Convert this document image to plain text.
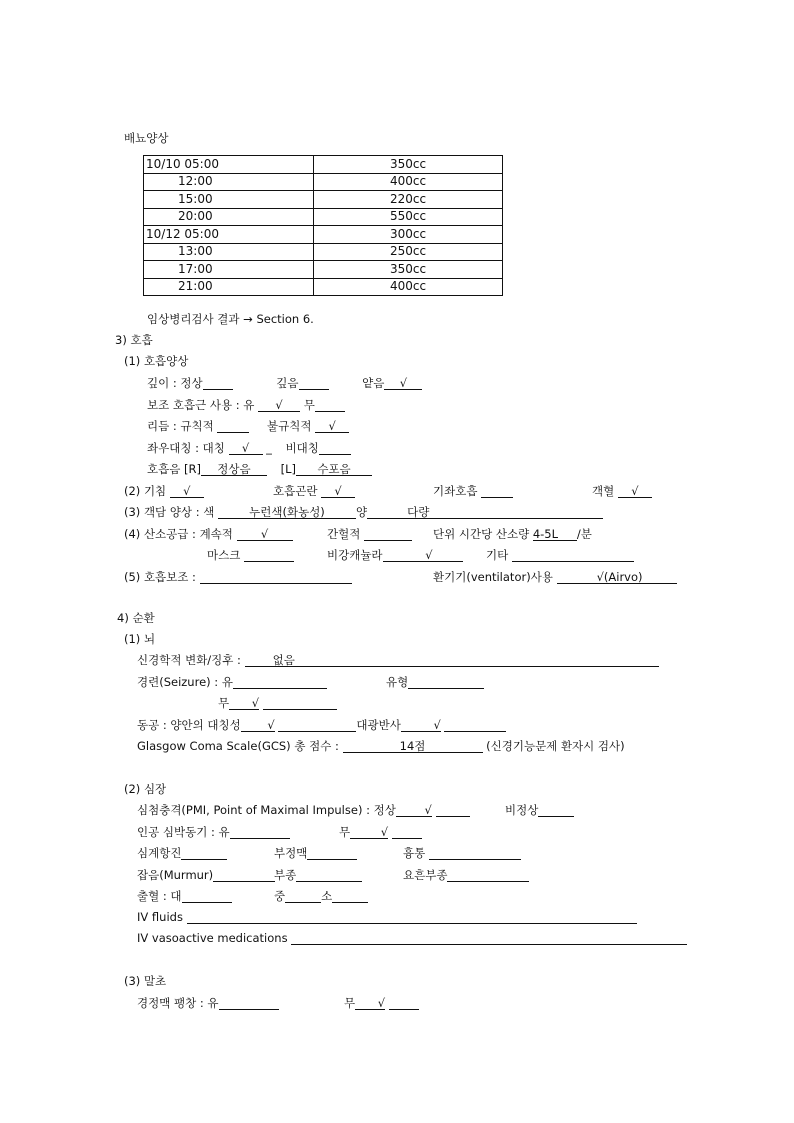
배뇨양상
10/10 05:00	350cc
12:00	400cc
15:00	220cc
20:00	550cc
10/12 05:00	300cc
13:00	250cc
17:00	350cc
21:00	400cc
임상병리검사 결과 → Section 6.
3) 호흡
(1) 호흡양상
깊이 : 정상	깊음	얕음 √
보조 호흡근 사용 : 유 √ 무
리듬 : 규칙적	불규칙적 √
좌우대칭 : 대칭 √ _ 비대칭
호흡음 [R] 정상음	[L] 수포음
(2) 기침 √	호흡곤란 √	기좌호흡	객혈 √
(3) 객담 양상 : 색	누런색(화농성)	양	다량
(4) 산소공급 : 계속적 √	간헐적	단위 시간당 산소량 4-5L /분
마스크	비강캐뉼라	√	기타
(5) 호흡보조 :	환기기(ventilator)사용	√(Airvo)
4) 순환
(1) 뇌
신경학적 변화/징후 :	없음
경련(Seizure) : 유	유형
무 √
동공 : 양안의 대칭성 √	대광반사	√
Glasgow Coma Scale(GCS) 총 점수 :	14점	(신경기능문제 환자시 검사)
(2) 심장
심첨충격(PMI, Point of Maximal Impulse) : 정상 √	비정상
인공 심박동기 : 유	무	√
심계항진	부정맥	흉통
잡음(Murmur)	부종	요흔부종
출혈 : 대	중	소
IV fluids
IV vasoactive medications
(3) 말초
경정맥 팽창 : 유	무 √
